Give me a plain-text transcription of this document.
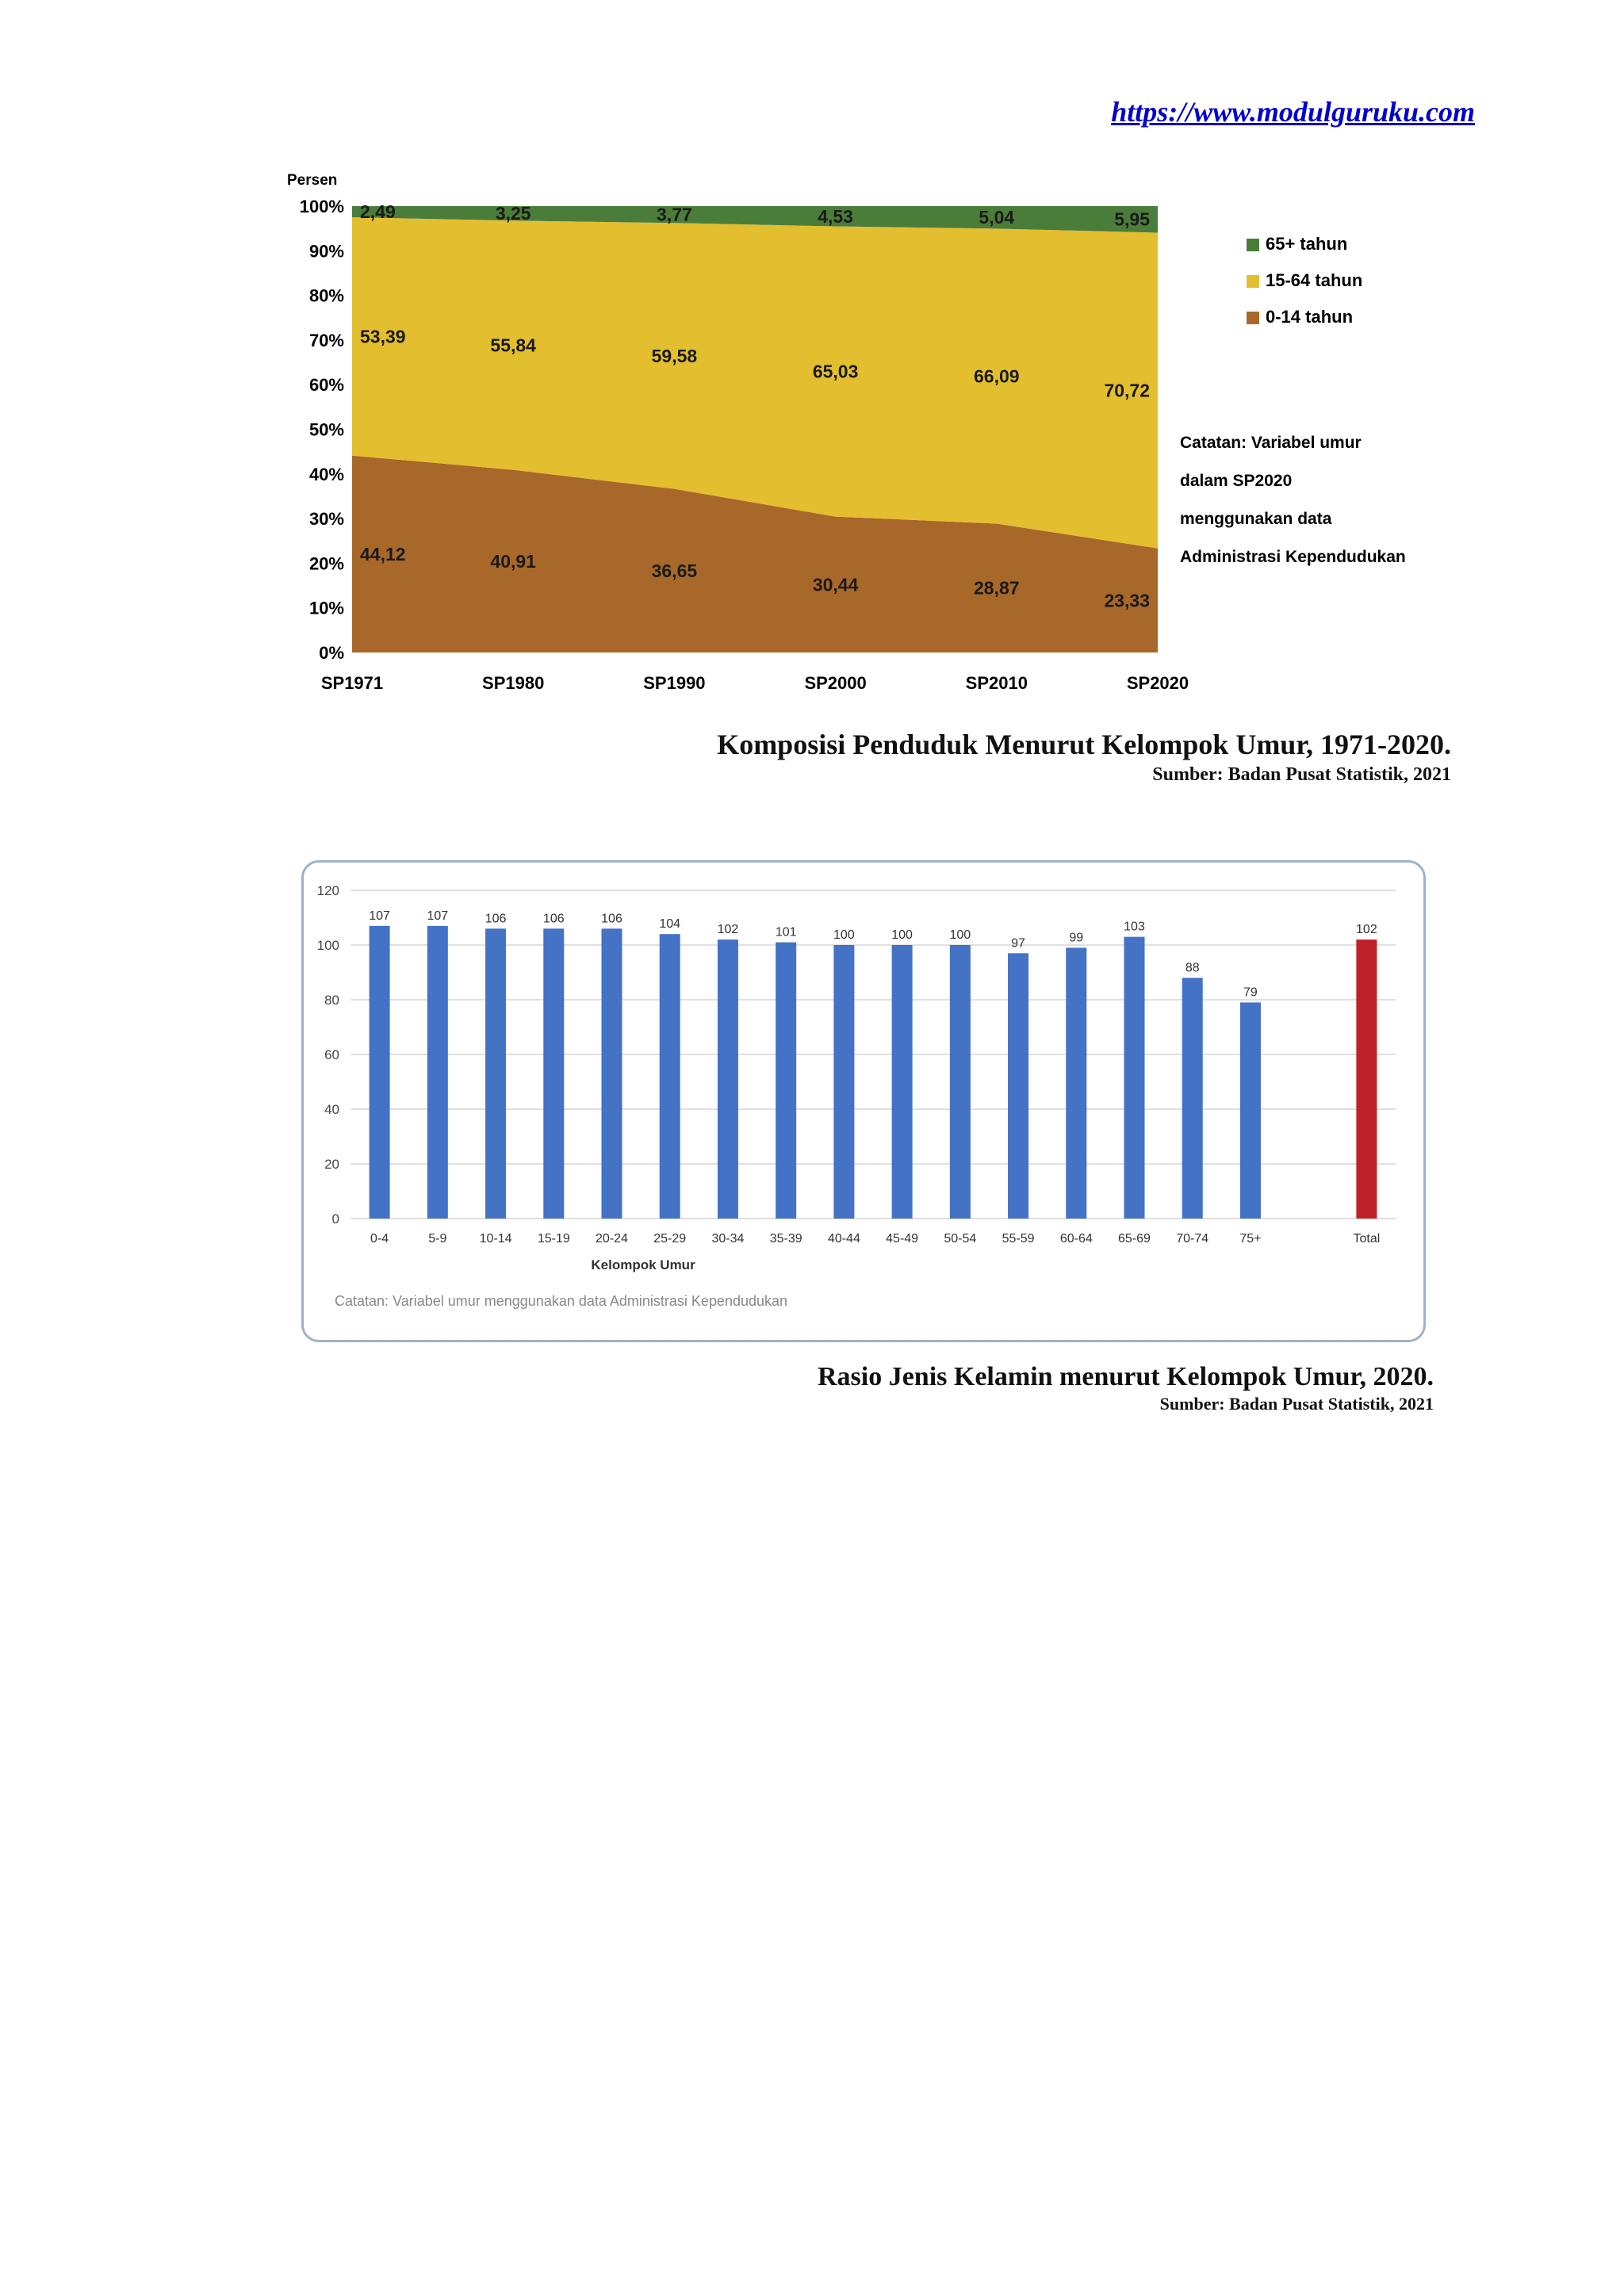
https://www.modulguruku.com
Persen
0%
10%
20%
30%
40%
50%
60%
70%
80%
90%
100%
44,12	40,91	36,65
30,44	28,87
23,33
53,39	55,84
59,58
65,03	66,09
70,72
2,49	3,25	3,77	4,53	5,04	5,95
SP1971	SP1980	SP1990	SP2000	SP2010	SP2020
65+ tahun
15-64 tahun
0-14 tahun
Catatan: Variabel umur
dalam SP2020
menggunakan data
Administrasi Kependudukan
Komposisi Penduduk Menurut Kelompok Umur, 1971-2020.
Sumber: Badan Pusat Statistik, 2021
0
20
40
60
80
100
120
107
0-4
107
5-9
106
10-14
106
15-19
106
20-24
104
25-29
102
30-34
101
35-39
100
40-44
100
45-49
100
50-54
97
55-59
99
60-64
103
65-69
88
70-74
79
75+
102
Total
Kelompok Umur
Catatan: Variabel umur menggunakan data Administrasi Kependudukan
Rasio Jenis Kelamin menurut Kelompok Umur, 2020.
Sumber: Badan Pusat Statistik, 2021
